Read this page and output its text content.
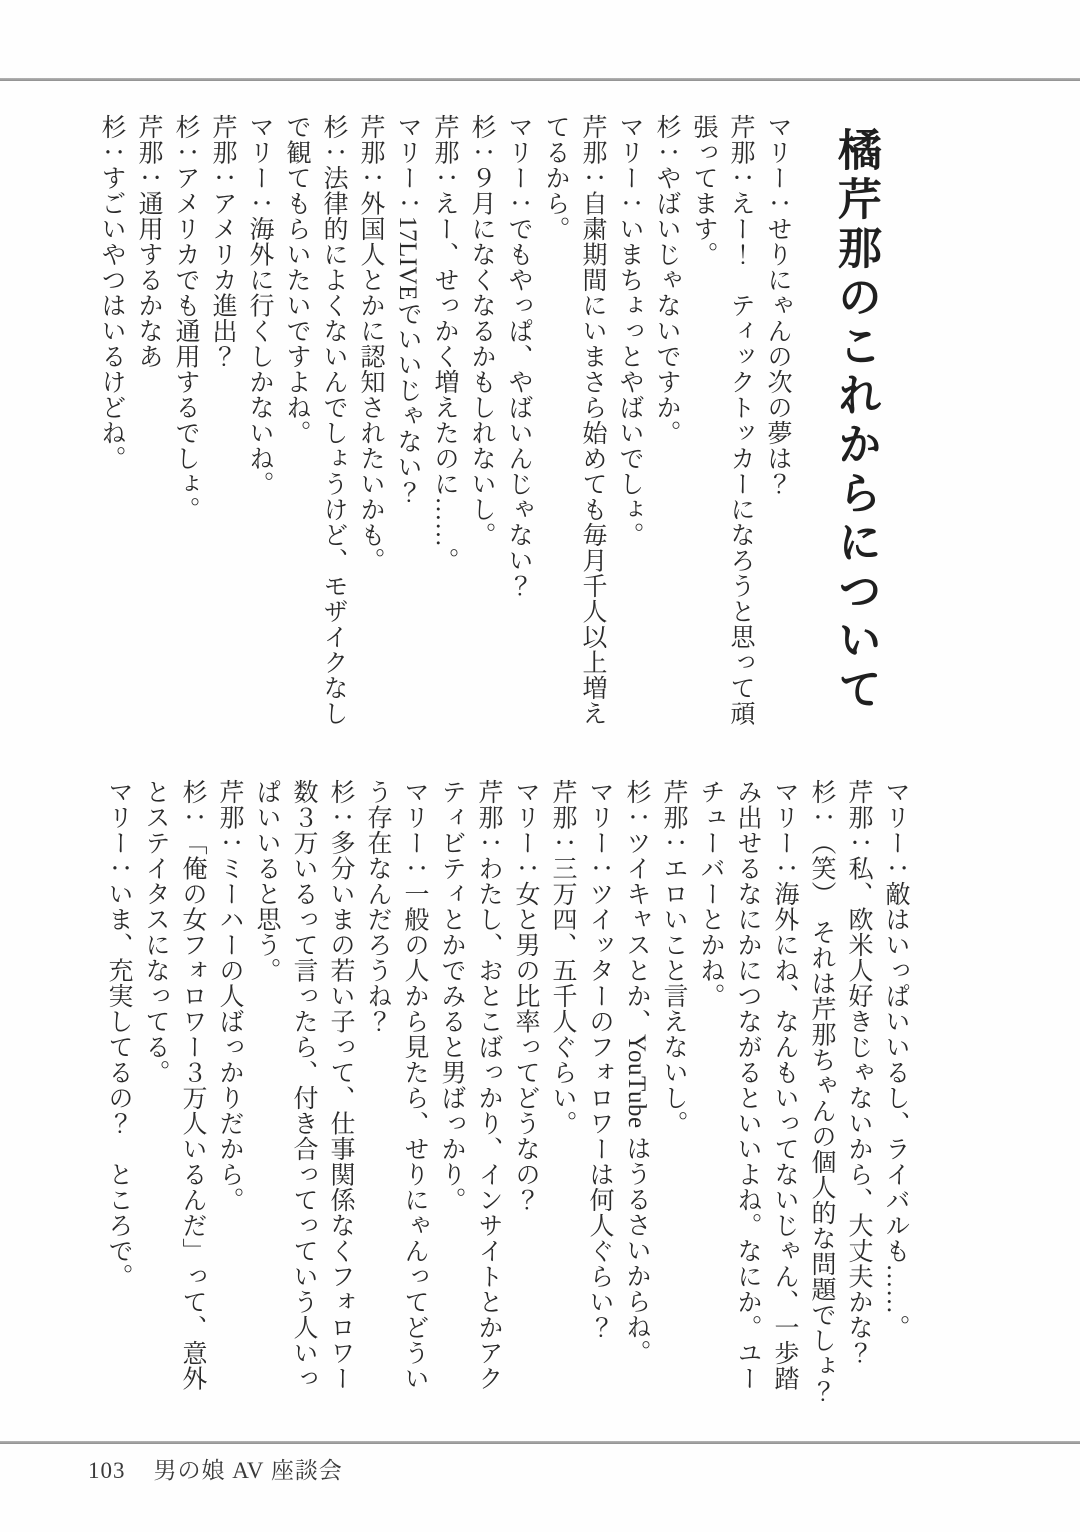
橘芹那のこれからについて

マリー：せりにゃんの次の夢は？

芹那：えー！　ティックトッカーになろうと思って頑張ってます。

杉：やばいじゃないですか。

マリー：いまちょっとやばいでしょ。

芹那：自粛期間にいまさら始めても毎月千人以上増えてるから。

マリー：でもやっぱ、やばいんじゃない？

杉：９月になくなるかもしれないし。

芹那：えー、せっかく増えたのに……。

マリー：17LIVEでいいじゃない？

芹那：外国人とかに認知されたいかも。

杉：法律的によくないんでしょうけど、モザイクなしで観てもらいたいですよね。

マリー：海外に行くしかないね。

芹那：アメリカ進出？

杉：アメリカでも通用するでしょ。

芹那：通用するかなあ

杉：すごいやつはいるけどね。

マリー：敵はいっぱいいるし、ライバルも……。

芹那：私、欧米人好きじゃないから、大丈夫かな？

杉：（笑）　それは芹那ちゃんの個人的な問題でしょ？

マリー：海外にね、なんもいってないじゃん、一歩踏み出せるなにかにつながるといいよね。なにか。ユーチューバーとかね。

芹那：エロいこと言えないし。

杉：ツイキャスとか、YouTube はうるさいからね。

マリー：ツイッターのフォロワーは何人ぐらい？

芹那：三万四、五千人ぐらい。

マリー：女と男の比率ってどうなの？

芹那：わたし、おとこばっかり、インサイトとかアクティビティとかでみると男ばっかり。

マリー：一般の人から見たら、せりにゃんってどういう存在なんだろうね？

杉：多分いまの若い子って、仕事関係なくフォロワー数３万いるって言ったら、付き合ってっていう人いっぱいいると思う。

芹那：ミーハーの人ばっかりだから。

杉：「俺の女フォロワー３万人いるんだ」って、意外とステイタスになってる。

マリー：いま、充実してるの？　ところで。

103 男の娘 AV 座談会
